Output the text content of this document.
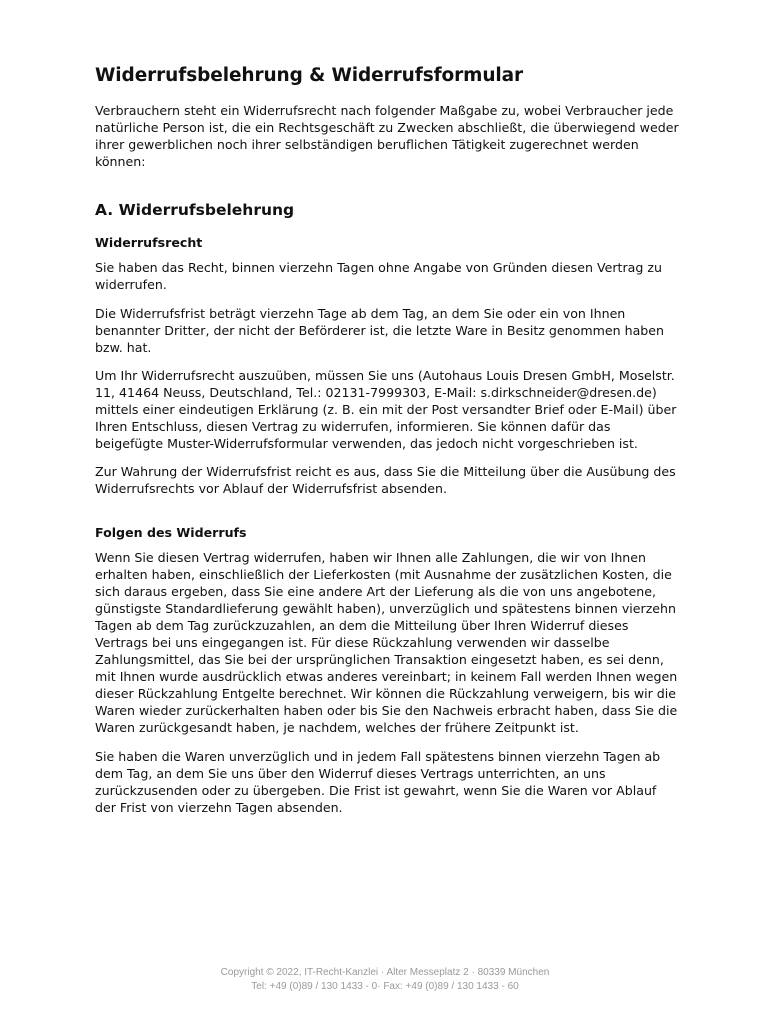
Widerrufsbelehrung & Widerrufsformular

Verbrauchern steht ein Widerrufsrecht nach folgender Maßgabe zu, wobei Verbraucher jede natürliche Person ist, die ein Rechtsgeschäft zu Zwecken abschließt, die überwiegend weder ihrer gewerblichen noch ihrer selbständigen beruflichen Tätigkeit zugerechnet werden können:

A. Widerrufsbelehrung
Widerrufsrecht

Sie haben das Recht, binnen vierzehn Tagen ohne Angabe von Gründen diesen Vertrag zu widerrufen.

Die Widerrufsfrist beträgt vierzehn Tage ab dem Tag, an dem Sie oder ein von Ihnen benannter Dritter, der nicht der Beförderer ist, die letzte Ware in Besitz genommen haben bzw. hat.

Um Ihr Widerrufsrecht auszuüben, müssen Sie uns (Autohaus Louis Dresen GmbH, Moselstr. 11, 41464 Neuss, Deutschland, Tel.: 02131-7999303, E-Mail: s.dirkschneider@dresen.de) mittels einer eindeutigen Erklärung (z. B. ein mit der Post versandter Brief oder E-Mail) über Ihren Entschluss, diesen Vertrag zu widerrufen, informieren. Sie können dafür das beigefügte Muster-Widerrufsformular verwenden, das jedoch nicht vorgeschrieben ist.

Zur Wahrung der Widerrufsfrist reicht es aus, dass Sie die Mitteilung über die Ausübung des Widerrufsrechts vor Ablauf der Widerrufsfrist absenden.

Folgen des Widerrufs

Wenn Sie diesen Vertrag widerrufen, haben wir Ihnen alle Zahlungen, die wir von Ihnen erhalten haben, einschließlich der Lieferkosten (mit Ausnahme der zusätzlichen Kosten, die sich daraus ergeben, dass Sie eine andere Art der Lieferung als die von uns angebotene, günstigste Standardlieferung gewählt haben), unverzüglich und spätestens binnen vierzehn Tagen ab dem Tag zurückzuzahlen, an dem die Mitteilung über Ihren Widerruf dieses Vertrags bei uns eingegangen ist. Für diese Rückzahlung verwenden wir dasselbe Zahlungsmittel, das Sie bei der ursprünglichen Transaktion eingesetzt haben, es sei denn, mit Ihnen wurde ausdrücklich etwas anderes vereinbart; in keinem Fall werden Ihnen wegen dieser Rückzahlung Entgelte berechnet. Wir können die Rückzahlung verweigern, bis wir die Waren wieder zurückerhalten haben oder bis Sie den Nachweis erbracht haben, dass Sie die Waren zurückgesandt haben, je nachdem, welches der frühere Zeitpunkt ist.

Sie haben die Waren unverzüglich und in jedem Fall spätestens binnen vierzehn Tagen ab dem Tag, an dem Sie uns über den Widerruf dieses Vertrags unterrichten, an uns zurückzusenden oder zu übergeben. Die Frist ist gewahrt, wenn Sie die Waren vor Ablauf der Frist von vierzehn Tagen absenden.

Copyright © 2022, IT-Recht-Kanzlei · Alter Messeplatz 2 · 80339 München
Tel: +49 (0)89 / 130 1433 - 0· Fax: +49 (0)89 / 130 1433 - 60
